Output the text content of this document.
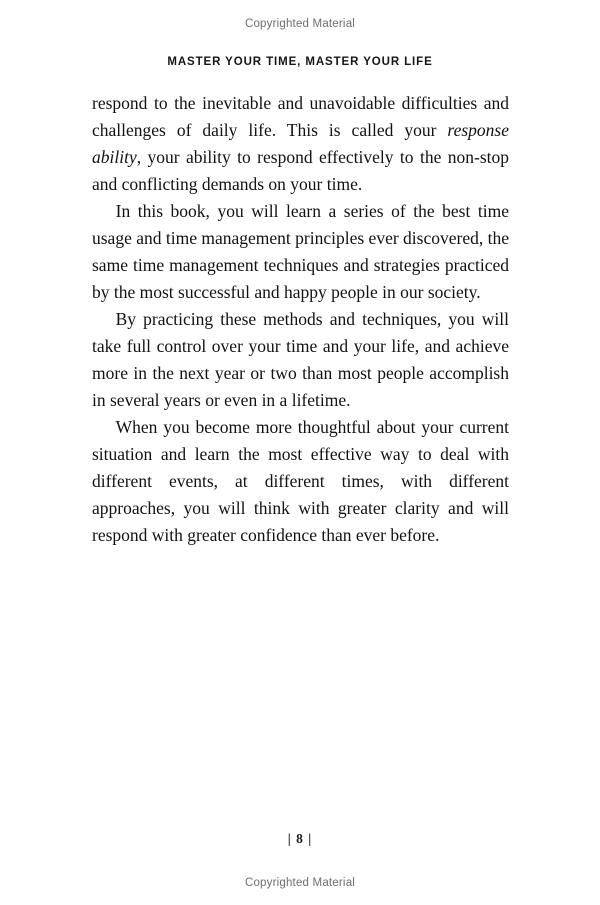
Copyrighted Material
MASTER YOUR TIME, MASTER YOUR LIFE

respond to the inevitable and unavoidable difficulties and challenges of daily life. This is called your response ability, your ability to respond effectively to the non-stop and conflicting demands on your time.

In this book, you will learn a series of the best time usage and time management principles ever discovered, the same time management techniques and strategies practiced by the most successful and happy people in our society.

By practicing these methods and techniques, you will take full control over your time and your life, and achieve more in the next year or two than most people accomplish in several years or even in a lifetime.

When you become more thoughtful about your current situation and learn the most effective way to deal with different events, at different times, with different approaches, you will think with greater clarity and will respond with greater confidence than ever before.

| 8 |
Copyrighted Material
